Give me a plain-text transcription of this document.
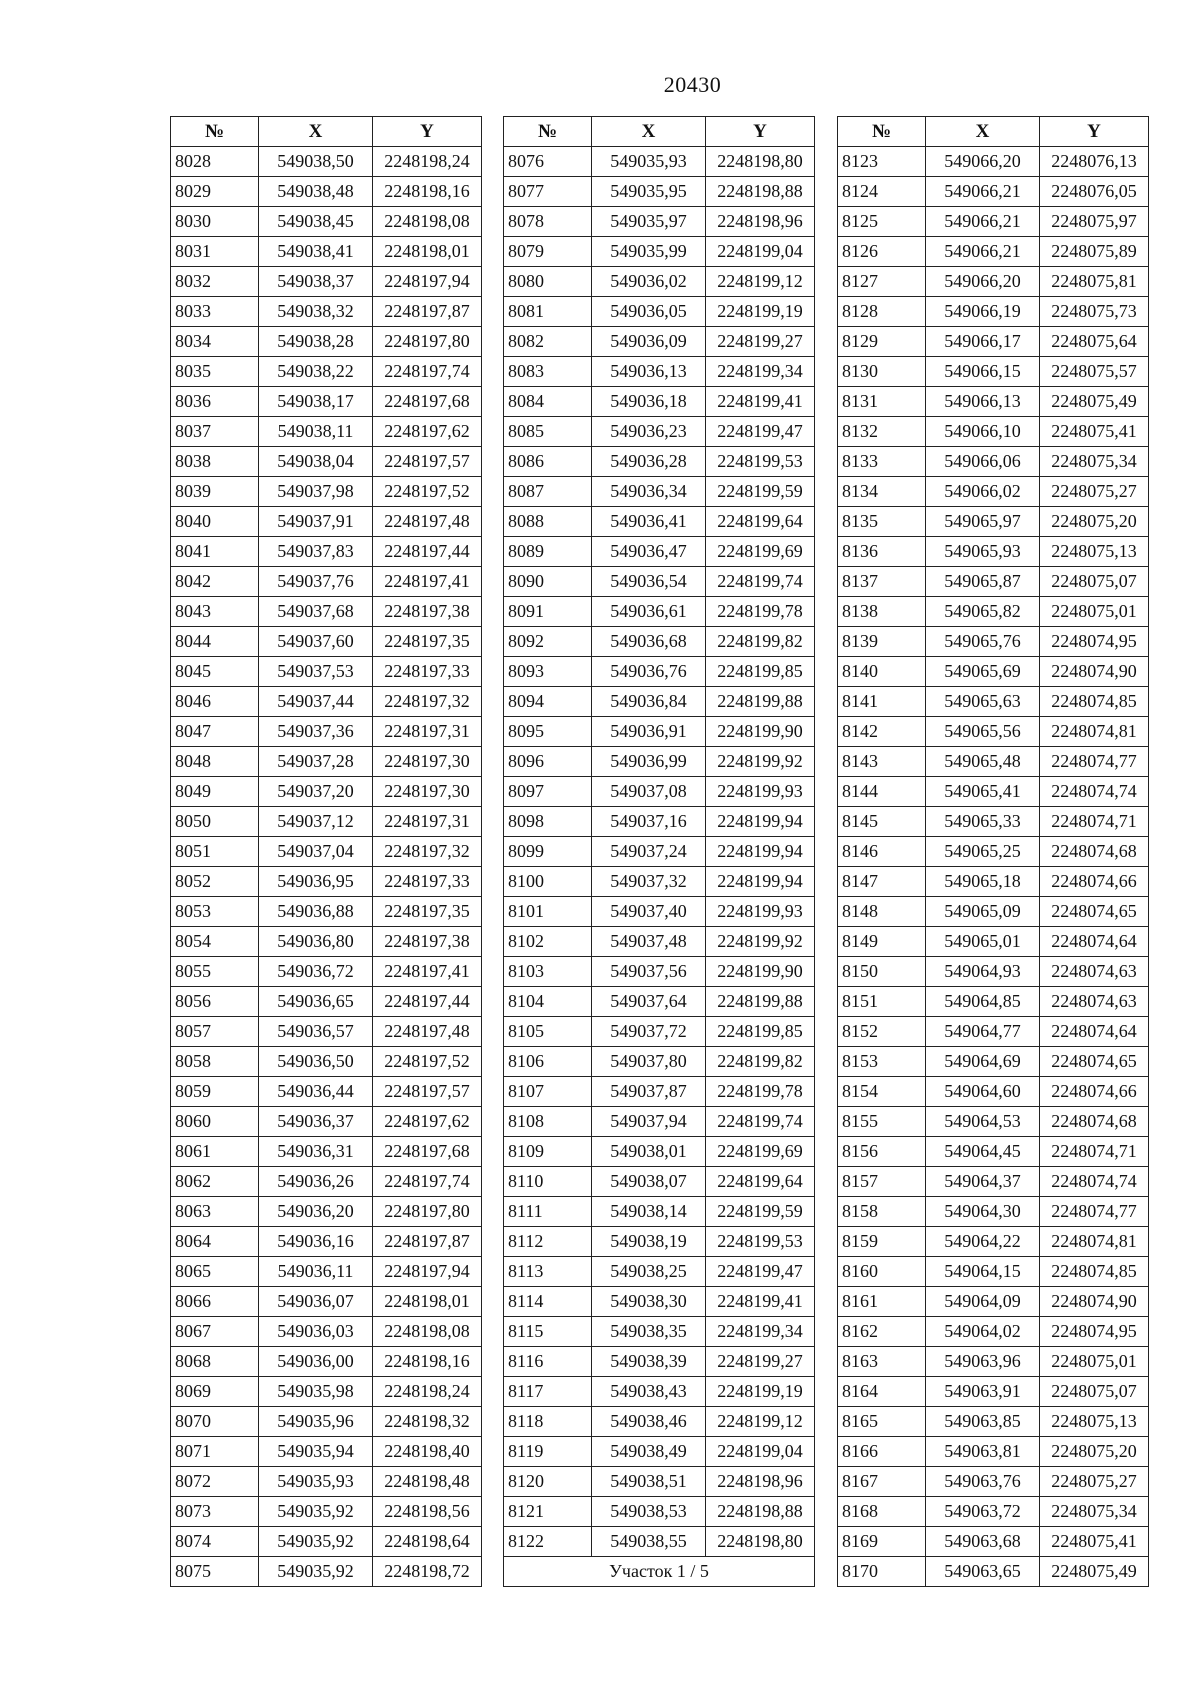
20430
№	X	Y
8028	549038,50	2248198,24
8029	549038,48	2248198,16
8030	549038,45	2248198,08
8031	549038,41	2248198,01
8032	549038,37	2248197,94
8033	549038,32	2248197,87
8034	549038,28	2248197,80
8035	549038,22	2248197,74
8036	549038,17	2248197,68
8037	549038,11	2248197,62
8038	549038,04	2248197,57
8039	549037,98	2248197,52
8040	549037,91	2248197,48
8041	549037,83	2248197,44
8042	549037,76	2248197,41
8043	549037,68	2248197,38
8044	549037,60	2248197,35
8045	549037,53	2248197,33
8046	549037,44	2248197,32
8047	549037,36	2248197,31
8048	549037,28	2248197,30
8049	549037,20	2248197,30
8050	549037,12	2248197,31
8051	549037,04	2248197,32
8052	549036,95	2248197,33
8053	549036,88	2248197,35
8054	549036,80	2248197,38
8055	549036,72	2248197,41
8056	549036,65	2248197,44
8057	549036,57	2248197,48
8058	549036,50	2248197,52
8059	549036,44	2248197,57
8060	549036,37	2248197,62
8061	549036,31	2248197,68
8062	549036,26	2248197,74
8063	549036,20	2248197,80
8064	549036,16	2248197,87
8065	549036,11	2248197,94
8066	549036,07	2248198,01
8067	549036,03	2248198,08
8068	549036,00	2248198,16
8069	549035,98	2248198,24
8070	549035,96	2248198,32
8071	549035,94	2248198,40
8072	549035,93	2248198,48
8073	549035,92	2248198,56
8074	549035,92	2248198,64
8075	549035,92	2248198,72
№	X	Y
8076	549035,93	2248198,80
8077	549035,95	2248198,88
8078	549035,97	2248198,96
8079	549035,99	2248199,04
8080	549036,02	2248199,12
8081	549036,05	2248199,19
8082	549036,09	2248199,27
8083	549036,13	2248199,34
8084	549036,18	2248199,41
8085	549036,23	2248199,47
8086	549036,28	2248199,53
8087	549036,34	2248199,59
8088	549036,41	2248199,64
8089	549036,47	2248199,69
8090	549036,54	2248199,74
8091	549036,61	2248199,78
8092	549036,68	2248199,82
8093	549036,76	2248199,85
8094	549036,84	2248199,88
8095	549036,91	2248199,90
8096	549036,99	2248199,92
8097	549037,08	2248199,93
8098	549037,16	2248199,94
8099	549037,24	2248199,94
8100	549037,32	2248199,94
8101	549037,40	2248199,93
8102	549037,48	2248199,92
8103	549037,56	2248199,90
8104	549037,64	2248199,88
8105	549037,72	2248199,85
8106	549037,80	2248199,82
8107	549037,87	2248199,78
8108	549037,94	2248199,74
8109	549038,01	2248199,69
8110	549038,07	2248199,64
8111	549038,14	2248199,59
8112	549038,19	2248199,53
8113	549038,25	2248199,47
8114	549038,30	2248199,41
8115	549038,35	2248199,34
8116	549038,39	2248199,27
8117	549038,43	2248199,19
8118	549038,46	2248199,12
8119	549038,49	2248199,04
8120	549038,51	2248198,96
8121	549038,53	2248198,88
8122	549038,55	2248198,80
Участок 1 / 5		
№	X	Y
8123	549066,20	2248076,13
8124	549066,21	2248076,05
8125	549066,21	2248075,97
8126	549066,21	2248075,89
8127	549066,20	2248075,81
8128	549066,19	2248075,73
8129	549066,17	2248075,64
8130	549066,15	2248075,57
8131	549066,13	2248075,49
8132	549066,10	2248075,41
8133	549066,06	2248075,34
8134	549066,02	2248075,27
8135	549065,97	2248075,20
8136	549065,93	2248075,13
8137	549065,87	2248075,07
8138	549065,82	2248075,01
8139	549065,76	2248074,95
8140	549065,69	2248074,90
8141	549065,63	2248074,85
8142	549065,56	2248074,81
8143	549065,48	2248074,77
8144	549065,41	2248074,74
8145	549065,33	2248074,71
8146	549065,25	2248074,68
8147	549065,18	2248074,66
8148	549065,09	2248074,65
8149	549065,01	2248074,64
8150	549064,93	2248074,63
8151	549064,85	2248074,63
8152	549064,77	2248074,64
8153	549064,69	2248074,65
8154	549064,60	2248074,66
8155	549064,53	2248074,68
8156	549064,45	2248074,71
8157	549064,37	2248074,74
8158	549064,30	2248074,77
8159	549064,22	2248074,81
8160	549064,15	2248074,85
8161	549064,09	2248074,90
8162	549064,02	2248074,95
8163	549063,96	2248075,01
8164	549063,91	2248075,07
8165	549063,85	2248075,13
8166	549063,81	2248075,20
8167	549063,76	2248075,27
8168	549063,72	2248075,34
8169	549063,68	2248075,41
8170	549063,65	2248075,49
